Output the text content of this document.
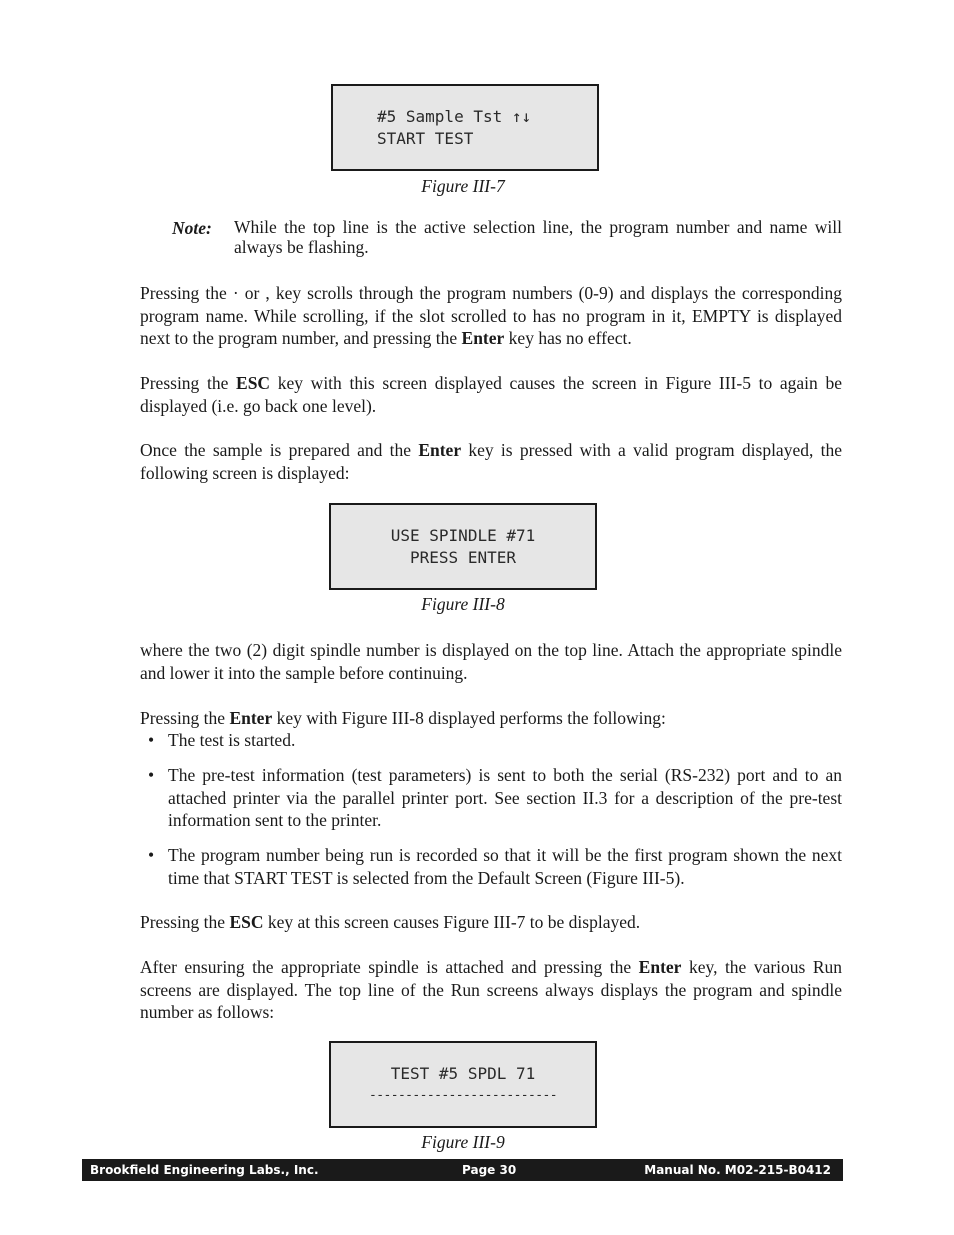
#5 Sample Tst ↑↓
START TEST
Figure III-7
Note: While the top line is the active selection line, the program number and name will always be flashing.
Pressing the · or , key scrolls through the program numbers (0-9) and displays the corresponding program name. While scrolling, if the slot scrolled to has no program in it, EMPTY is displayed next to the program number, and pressing the Enter key has no effect.
Pressing the ESC key with this screen displayed causes the screen in Figure III-5 to again be displayed (i.e. go back one level).
Once the sample is prepared and the Enter key is pressed with a valid program displayed, the following screen is displayed:
USE SPINDLE #71
PRESS ENTER
Figure III-8
where the two (2) digit spindle number is displayed on the top line. Attach the appropriate spindle and lower it into the sample before continuing.
Pressing the Enter key with Figure III-8 displayed performs the following:
• The test is started.
• The pre-test information (test parameters) is sent to both the serial (RS-232) port and to an attached printer via the parallel printer port. See section II.3 for a description of the pre-test information sent to the printer.
• The program number being run is recorded so that it will be the first program shown the next time that START TEST is selected from the Default Screen (Figure III-5).
Pressing the ESC key at this screen causes Figure III-7 to be displayed.
After ensuring the appropriate spindle is attached and pressing the Enter key, the various Run screens are displayed. The top line of the Run screens always displays the program and spindle number as follows:
TEST #5 SPDL 71
--------------------------
Figure III-9
Brookfield Engineering Labs., Inc.	Page 30	Manual No. M02-215-B0412
